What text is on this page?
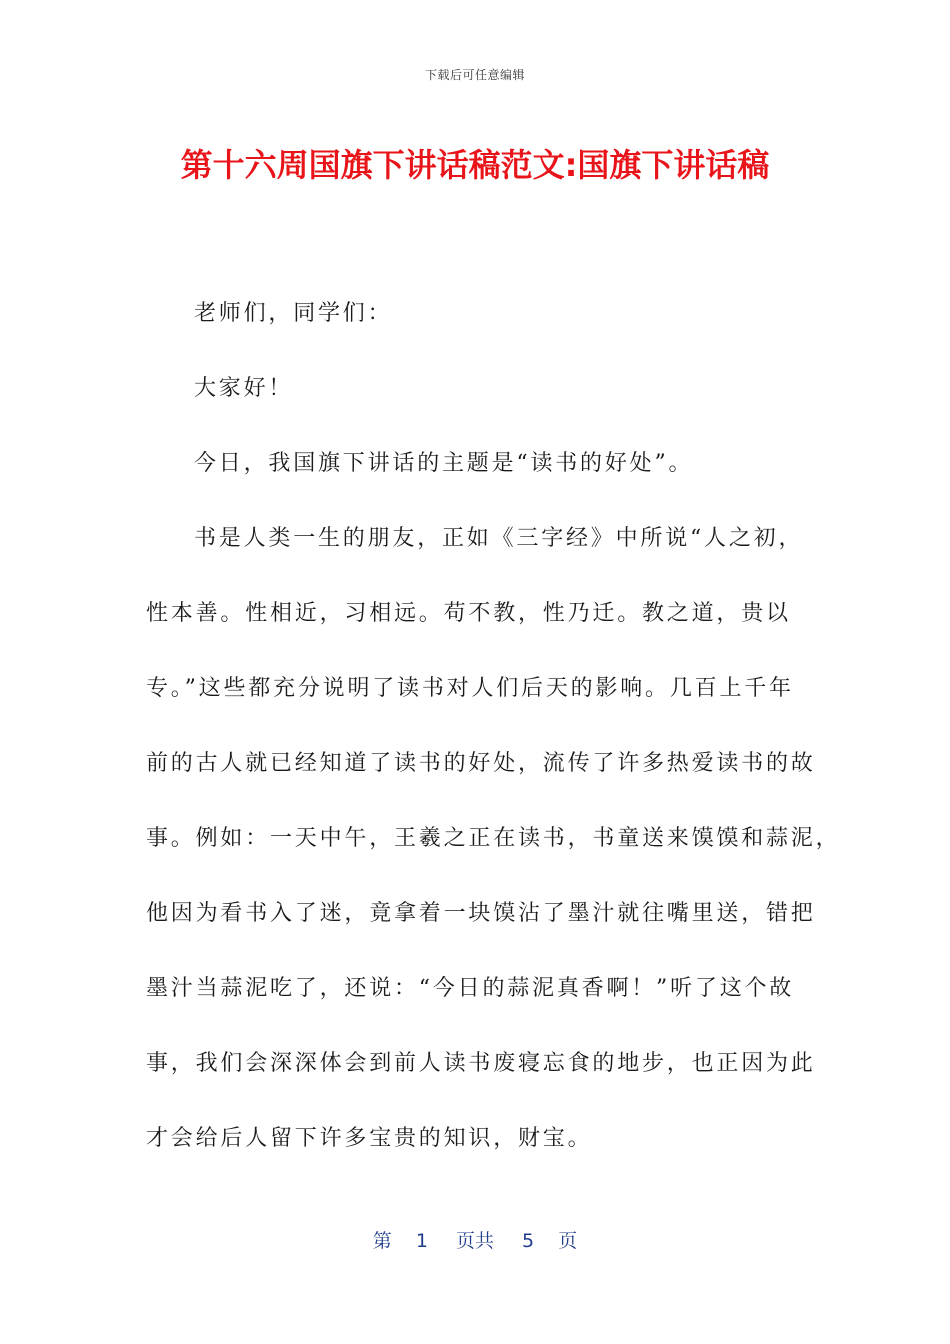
下载后可任意编辑
第十六周国旗下讲话稿范文:国旗下讲话稿
老师们，同学们：
大家好！
今日，我国旗下讲话的主题是“读书的好处”。
书是人类一生的朋友，正如《三字经》中所说“人之初，
性本善。性相近，习相远。苟不教，性乃迁。教之道，贵以
专。”这些都充分说明了读书对人们后天的影响。几百上千年
前的古人就已经知道了读书的好处，流传了许多热爱读书的故
事。例如：一天中午，王羲之正在读书，书童送来馍馍和蒜泥，
他因为看书入了迷，竟拿着一块馍沾了墨汁就往嘴里送，错把
墨汁当蒜泥吃了，还说：“今日的蒜泥真香啊！”听了这个故
事，我们会深深体会到前人读书废寝忘食的地步，也正因为此
才会给后人留下许多宝贵的知识，财宝。
第 1 页共 5 页
